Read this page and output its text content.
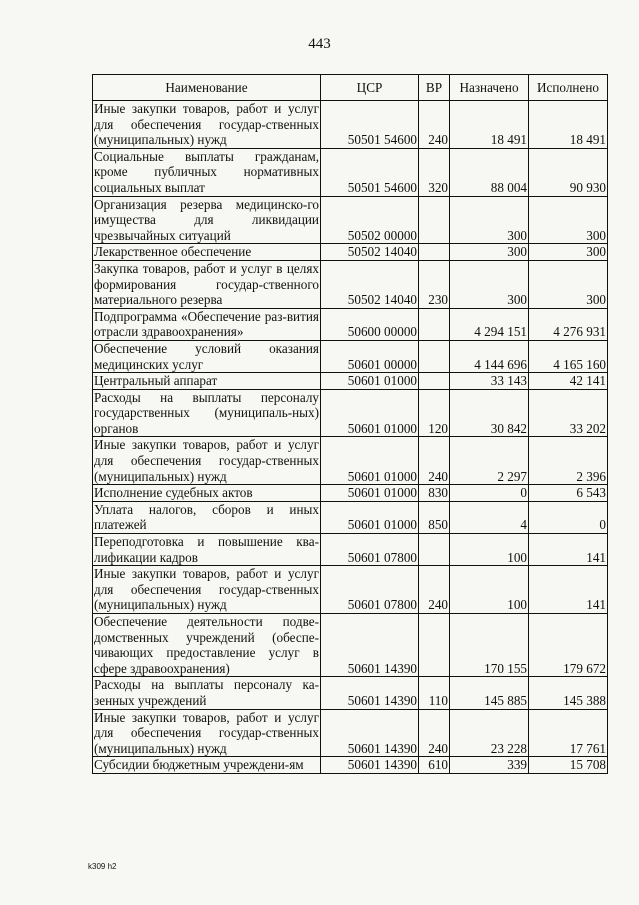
443
Наименование	ЦСР	ВР	Назначено	Исполнено
Иные закупки товаров, работ и услуг для обеспечения государ-ственных (муниципальных) нужд	50501 54600	240	18 491	18 491
Социальные выплаты гражданам, кроме публичных нормативных социальных выплат	50501 54600	320	88 004	90 930
Организация резерва медицинско-го имущества для ликвидации чрезвычайных ситуаций	50502 00000		300	300
Лекарственное обеспечение	50502 14040		300	300
Закупка товаров, работ и услуг в целях формирования государ-ственного материального резерва	50502 14040	230	300	300
Подпрограмма «Обеспечение раз-вития отрасли здравоохранения»	50600 00000		4 294 151	4 276 931
Обеспечение условий оказания медицинских услуг	50601 00000		4 144 696	4 165 160
Центральный аппарат	50601 01000		33 143	42 141
Расходы на выплаты персоналу государственных (муниципаль-ных) органов	50601 01000	120	30 842	33 202
Иные закупки товаров, работ и услуг для обеспечения государ-ственных (муниципальных) нужд	50601 01000	240	2 297	2 396
Исполнение судебных актов	50601 01000	830	0	6 543
Уплата налогов, сборов и иных платежей	50601 01000	850	4	0
Переподготовка и повышение ква-лификации кадров	50601 07800		100	141
Иные закупки товаров, работ и услуг для обеспечения государ-ственных (муниципальных) нужд	50601 07800	240	100	141
Обеспечение деятельности подве-домственных учреждений (обеспе-чивающих предоставление услуг в сфере здравоохранения)	50601 14390		170 155	179 672
Расходы на выплаты персоналу ка-зенных учреждений	50601 14390	110	145 885	145 388
Иные закупки товаров, работ и услуг для обеспечения государ-ственных (муниципальных) нужд	50601 14390	240	23 228	17 761
Субсидии бюджетным учреждени-ям	50601 14390	610	339	15 708
k309 h2
